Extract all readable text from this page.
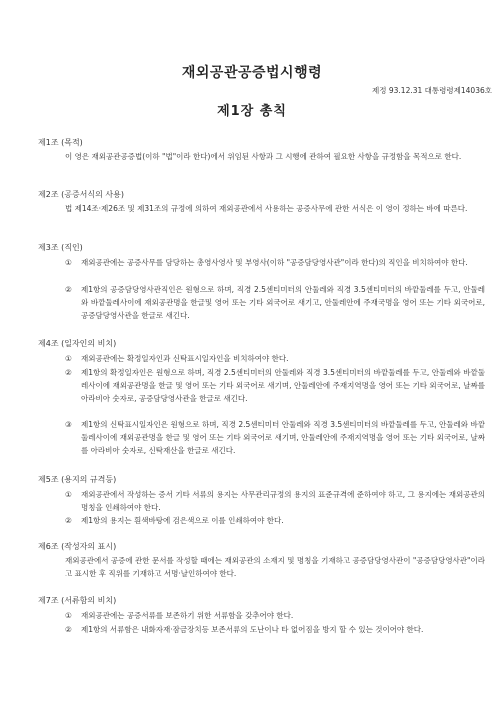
재외공관공증법시행령
제정 93.12.31 대통령령제14036호
제1장 총칙
제1조 (목적)
이 영은 재외공관공증법(이하 "법"이라 한다)에서 위임된 사항과 그 시행에 관하여 필요한 사항을 규정함을 목적으로 한다.
제2조 (공증서식의 사용)
법 제14조·제26조 및 제31조의 규정에 의하여 재외공관에서 사용하는 공증사무에 관한 서식은 이 영이 정하는 바에 따른다.
제3조 (직인)
①	재외공관에는 공증사무를 담당하는 총영사영사 및 부영사(이하 "공증담당영사관"이라 한다)의 직인을 비치하여야 한다.
②	제1항의 공증담당영사관직인은 원형으로 하며, 직경 2.5센티미터의 안둘레와 직경 3.5센티미터의 바깥둘레를 두고, 안둘레와 바깥둘레사이에 재외공관명을 한글및 영어 또는 기타 외국어로 새기고, 안둘레안에 주재국명을 영어 또는 기타 외국어로, 공증담당영사관을 한글로 새긴다.
제4조 (일자인의 비치)
①	재외공관에는 확정일자인과 신탁표시일자인을 비치하여야 한다.
②	제1항의 확정일자인은 원형으로 하며, 직경 2.5센티미터의 안둘레와 직경 3.5센티미터의 바깥둘레를 두고, 안둘레와 바깥둘레사이에 재외공관명을 한글 및 영어 또는 기타 외국어로 새기며, 안둘레안에 주재지역명을 영어 또는 기타 외국어로, 날짜를 아라비아 숫자로, 공증담당영사관을 한글로 새긴다.
③	제1항의 신탁표시일자인은 원형으로 하며, 직경 2.5센티미터 안둘레와 직경 3.5센티미터의 바깥둘레를 두고, 안둘레와 바깥둘레사이에 재외공관명을 한글 및 영어 또는 기타 외국어로 새기며, 안둘레안에 주재지역명을 영어 또는 기타 외국어로, 날짜를 아라비아 숫자로, 신탁재산을 한글로 새긴다.
제5조 (용지의 규격등)
①	재외공관에서 작성하는 증서 기타 서류의 용지는 사무관리규정의 용지의 표준규격에 준하여야 하고, 그 용지에는 재외공관의 명칭을 인쇄하여야 한다.
②	제1항의 용지는 흰색바탕에 검은색으로 이를 인쇄하여야 한다.
제6조 (작성자의 표시)
재외공관에서 공증에 관한 문서를 작성할 때에는 재외공관의 소재지 및 명칭을 기재하고 공증담당영사관이 "공증담당영사관"이라고 표시한 후 직위를 기재하고 서명·날인하여야 한다.
제7조 (서류함의 비치)
①	재외공관에는 공증서류를 보존하기 위한 서류함을 갖추어야 한다.
②	제1항의 서류함은 내화자재·잠금장치등 보존서류의 도난이나 타 없어짐을 방지 할 수 있는 것이어야 한다.
